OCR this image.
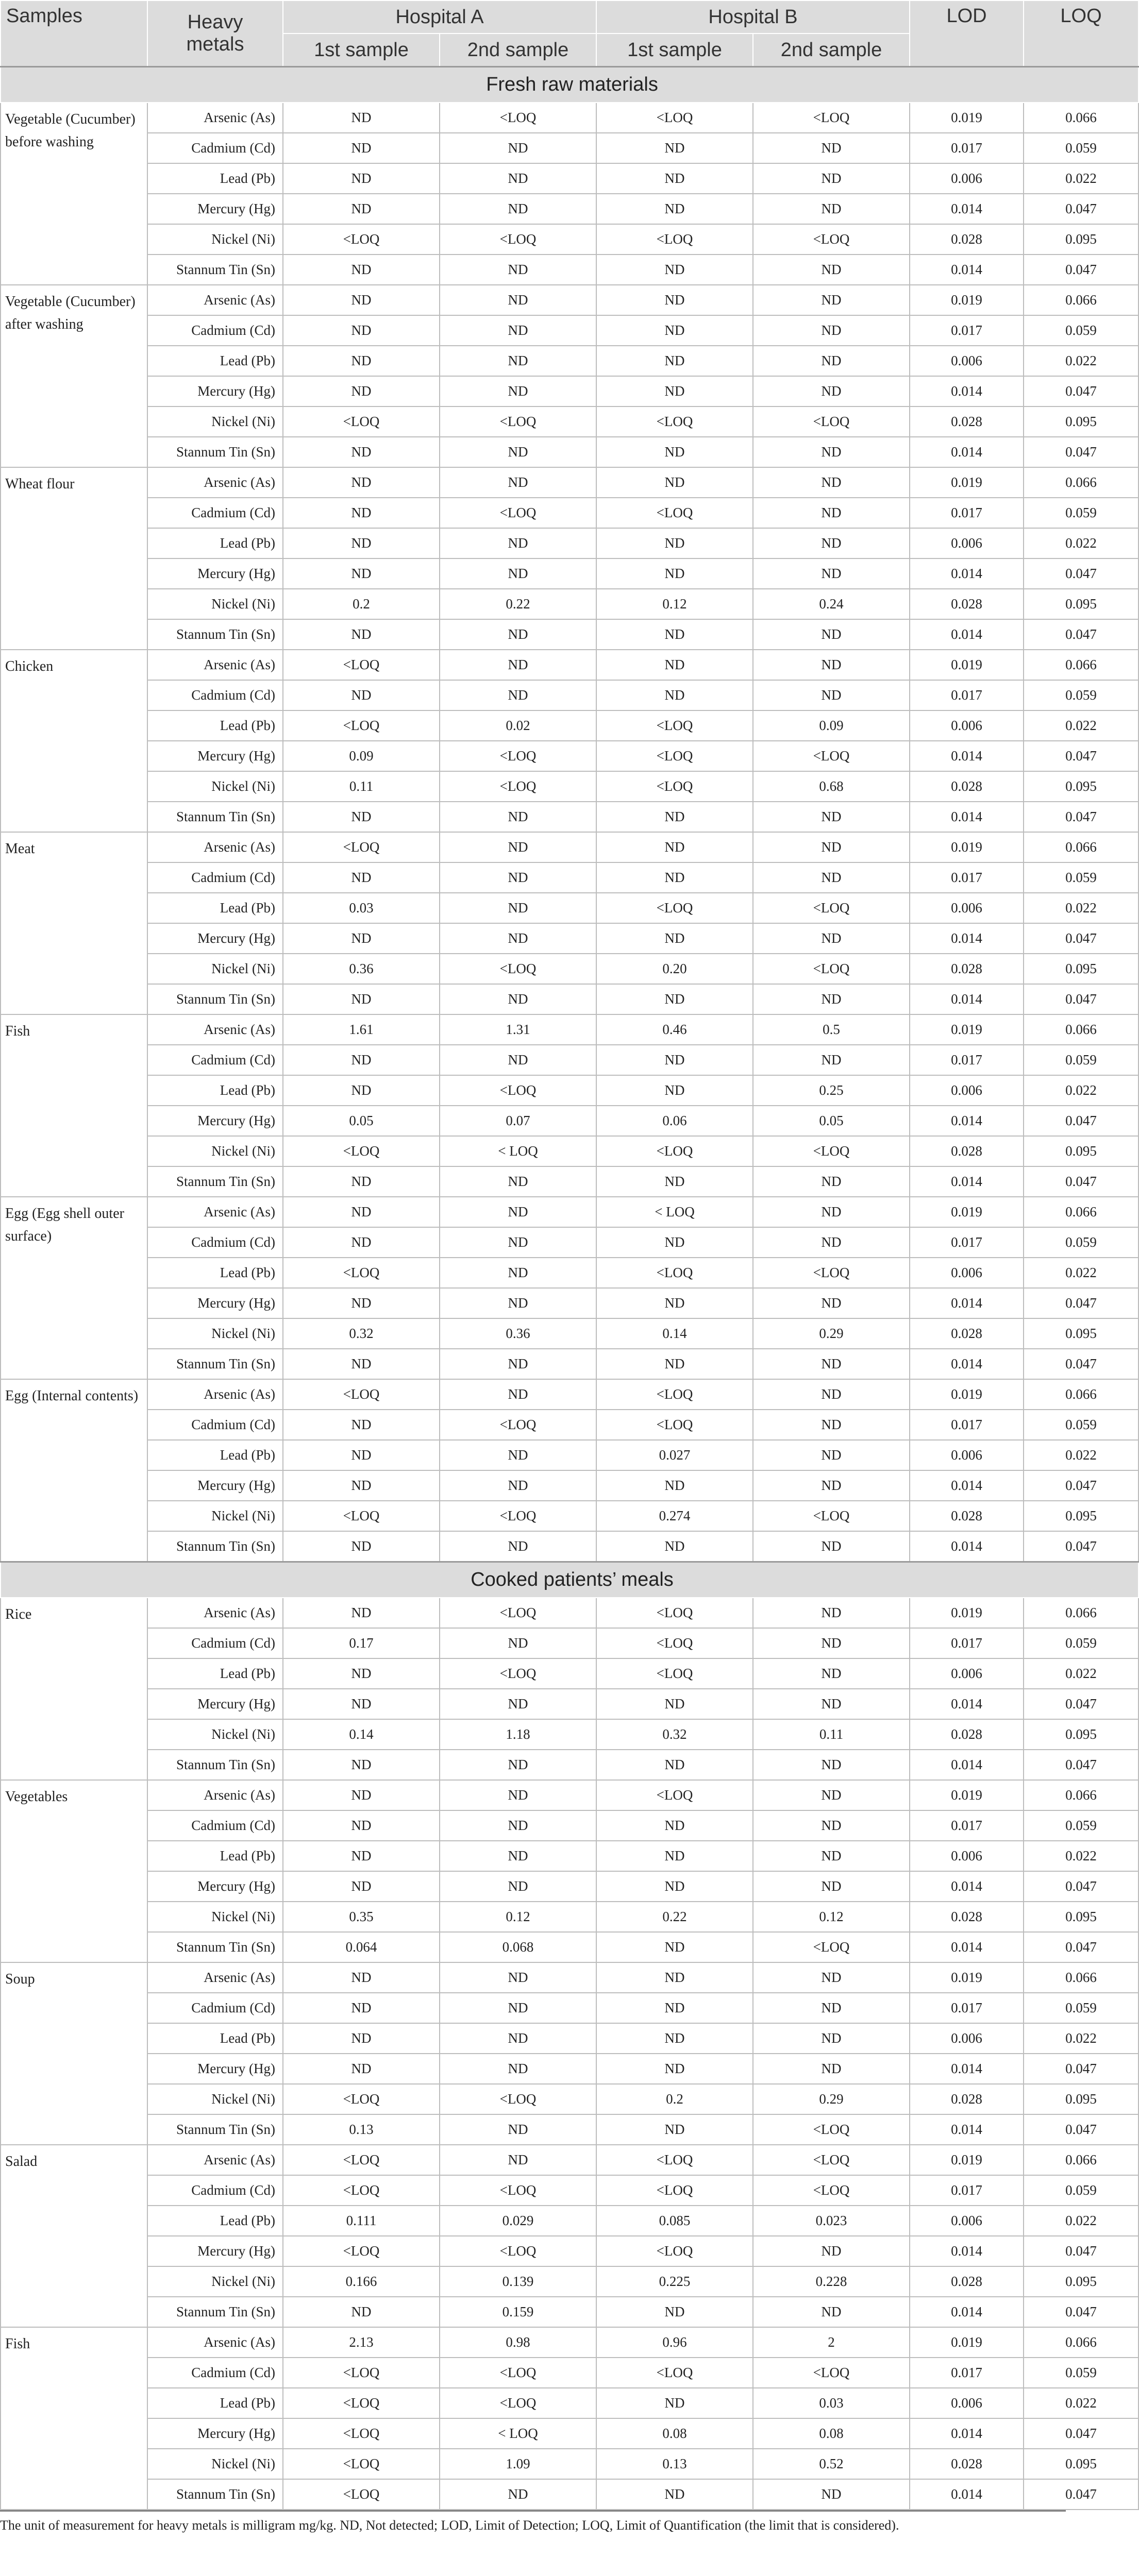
Samples	Heavy metals	Hospital A		Hospital B		LOD	LOQ
		1st sample	2nd sample	1st sample	2nd sample		
Fresh raw materials							
Vegetable (Cucumber) before washing	Arsenic (As)	ND	<LOQ	<LOQ	<LOQ	0.019	0.066
	Cadmium (Cd)	ND	ND	ND	ND	0.017	0.059
	Lead (Pb)	ND	ND	ND	ND	0.006	0.022
	Mercury (Hg)	ND	ND	ND	ND	0.014	0.047
	Nickel (Ni)	<LOQ	<LOQ	<LOQ	<LOQ	0.028	0.095
	Stannum Tin (Sn)	ND	ND	ND	ND	0.014	0.047
Vegetable (Cucumber) after washing	Arsenic (As)	ND	ND	ND	ND	0.019	0.066
	Cadmium (Cd)	ND	ND	ND	ND	0.017	0.059
	Lead (Pb)	ND	ND	ND	ND	0.006	0.022
	Mercury (Hg)	ND	ND	ND	ND	0.014	0.047
	Nickel (Ni)	<LOQ	<LOQ	<LOQ	<LOQ	0.028	0.095
	Stannum Tin (Sn)	ND	ND	ND	ND	0.014	0.047
Wheat flour	Arsenic (As)	ND	ND	ND	ND	0.019	0.066
	Cadmium (Cd)	ND	<LOQ	<LOQ	ND	0.017	0.059
	Lead (Pb)	ND	ND	ND	ND	0.006	0.022
	Mercury (Hg)	ND	ND	ND	ND	0.014	0.047
	Nickel (Ni)	0.2	0.22	0.12	0.24	0.028	0.095
	Stannum Tin (Sn)	ND	ND	ND	ND	0.014	0.047
Chicken	Arsenic (As)	<LOQ	ND	ND	ND	0.019	0.066
	Cadmium (Cd)	ND	ND	ND	ND	0.017	0.059
	Lead (Pb)	<LOQ	0.02	<LOQ	0.09	0.006	0.022
	Mercury (Hg)	0.09	<LOQ	<LOQ	<LOQ	0.014	0.047
	Nickel (Ni)	0.11	<LOQ	<LOQ	0.68	0.028	0.095
	Stannum Tin (Sn)	ND	ND	ND	ND	0.014	0.047
Meat	Arsenic (As)	<LOQ	ND	ND	ND	0.019	0.066
	Cadmium (Cd)	ND	ND	ND	ND	0.017	0.059
	Lead (Pb)	0.03	ND	<LOQ	<LOQ	0.006	0.022
	Mercury (Hg)	ND	ND	ND	ND	0.014	0.047
	Nickel (Ni)	0.36	<LOQ	0.20	<LOQ	0.028	0.095
	Stannum Tin (Sn)	ND	ND	ND	ND	0.014	0.047
Fish	Arsenic (As)	1.61	1.31	0.46	0.5	0.019	0.066
	Cadmium (Cd)	ND	ND	ND	ND	0.017	0.059
	Lead (Pb)	ND	<LOQ	ND	0.25	0.006	0.022
	Mercury (Hg)	0.05	0.07	0.06	0.05	0.014	0.047
	Nickel (Ni)	<LOQ	< LOQ	<LOQ	<LOQ	0.028	0.095
	Stannum Tin (Sn)	ND	ND	ND	ND	0.014	0.047
Egg (Egg shell outer surface)	Arsenic (As)	ND	ND	< LOQ	ND	0.019	0.066
	Cadmium (Cd)	ND	ND	ND	ND	0.017	0.059
	Lead (Pb)	<LOQ	ND	<LOQ	<LOQ	0.006	0.022
	Mercury (Hg)	ND	ND	ND	ND	0.014	0.047
	Nickel (Ni)	0.32	0.36	0.14	0.29	0.028	0.095
	Stannum Tin (Sn)	ND	ND	ND	ND	0.014	0.047
Egg (Internal contents)	Arsenic (As)	<LOQ	ND	<LOQ	ND	0.019	0.066
	Cadmium (Cd)	ND	<LOQ	<LOQ	ND	0.017	0.059
	Lead (Pb)	ND	ND	0.027	ND	0.006	0.022
	Mercury (Hg)	ND	ND	ND	ND	0.014	0.047
	Nickel (Ni)	<LOQ	<LOQ	0.274	<LOQ	0.028	0.095
	Stannum Tin (Sn)	ND	ND	ND	ND	0.014	0.047
Cooked patients’ meals							
Rice	Arsenic (As)	ND	<LOQ	<LOQ	ND	0.019	0.066
	Cadmium (Cd)	0.17	ND	<LOQ	ND	0.017	0.059
	Lead (Pb)	ND	<LOQ	<LOQ	ND	0.006	0.022
	Mercury (Hg)	ND	ND	ND	ND	0.014	0.047
	Nickel (Ni)	0.14	1.18	0.32	0.11	0.028	0.095
	Stannum Tin (Sn)	ND	ND	ND	ND	0.014	0.047
Vegetables	Arsenic (As)	ND	ND	<LOQ	ND	0.019	0.066
	Cadmium (Cd)	ND	ND	ND	ND	0.017	0.059
	Lead (Pb)	ND	ND	ND	ND	0.006	0.022
	Mercury (Hg)	ND	ND	ND	ND	0.014	0.047
	Nickel (Ni)	0.35	0.12	0.22	0.12	0.028	0.095
	Stannum Tin (Sn)	0.064	0.068	ND	<LOQ	0.014	0.047
Soup	Arsenic (As)	ND	ND	ND	ND	0.019	0.066
	Cadmium (Cd)	ND	ND	ND	ND	0.017	0.059
	Lead (Pb)	ND	ND	ND	ND	0.006	0.022
	Mercury (Hg)	ND	ND	ND	ND	0.014	0.047
	Nickel (Ni)	<LOQ	<LOQ	0.2	0.29	0.028	0.095
	Stannum Tin (Sn)	0.13	ND	ND	<LOQ	0.014	0.047
Salad	Arsenic (As)	<LOQ	ND	<LOQ	<LOQ	0.019	0.066
	Cadmium (Cd)	<LOQ	<LOQ	<LOQ	<LOQ	0.017	0.059
	Lead (Pb)	0.111	0.029	0.085	0.023	0.006	0.022
	Mercury (Hg)	<LOQ	<LOQ	<LOQ	ND	0.014	0.047
	Nickel (Ni)	0.166	0.139	0.225	0.228	0.028	0.095
	Stannum Tin (Sn)	ND	0.159	ND	ND	0.014	0.047
Fish	Arsenic (As)	2.13	0.98	0.96	2	0.019	0.066
	Cadmium (Cd)	<LOQ	<LOQ	<LOQ	<LOQ	0.017	0.059
	Lead (Pb)	<LOQ	<LOQ	ND	0.03	0.006	0.022
	Mercury (Hg)	<LOQ	< LOQ	0.08	0.08	0.014	0.047
	Nickel (Ni)	<LOQ	1.09	0.13	0.52	0.028	0.095
	Stannum Tin (Sn)	<LOQ	ND	ND	ND	0.014	0.047
The unit of measurement for heavy metals is milligram mg/kg. ND, Not detected; LOD, Limit of Detection; LOQ, Limit of Quantification (the limit that is considered).
